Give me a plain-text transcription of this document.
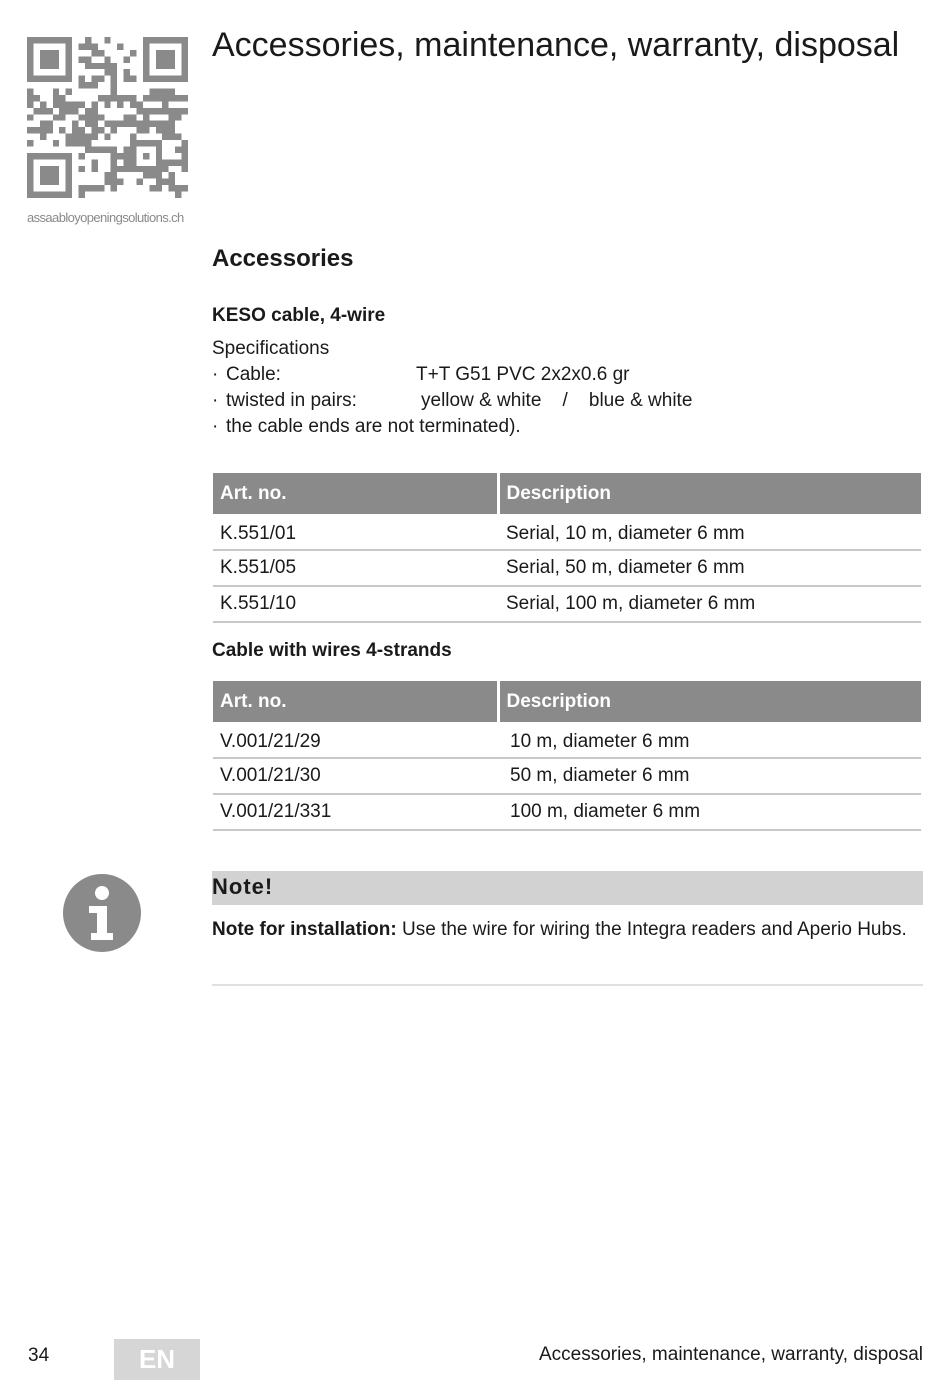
assaabloyopeningsolutions.ch
Accessories, maintenance, warranty, disposal
Accessories
KESO cable, 4-wire
Specifications
· Cable:	T+T G51 PVC 2x2x0.6 gr
· twisted in pairs:	yellow & white    /    blue & white
· the cable ends are not terminated).
Art. no.	Description
K.551/01	Serial, 10 m, diameter 6 mm
K.551/05	Serial, 50 m, diameter 6 mm
K.551/10	Serial, 100 m, diameter 6 mm
Cable with wires 4-strands
Art. no.	Description
V.001/21/29	10 m, diameter 6 mm
V.001/21/30	50 m, diameter 6 mm
V.001/21/331	100 m, diameter 6 mm
Note!
Note for installation: Use the wire for wiring the Integra readers and Aperio Hubs.
34	EN	Accessories, maintenance, warranty, disposal
